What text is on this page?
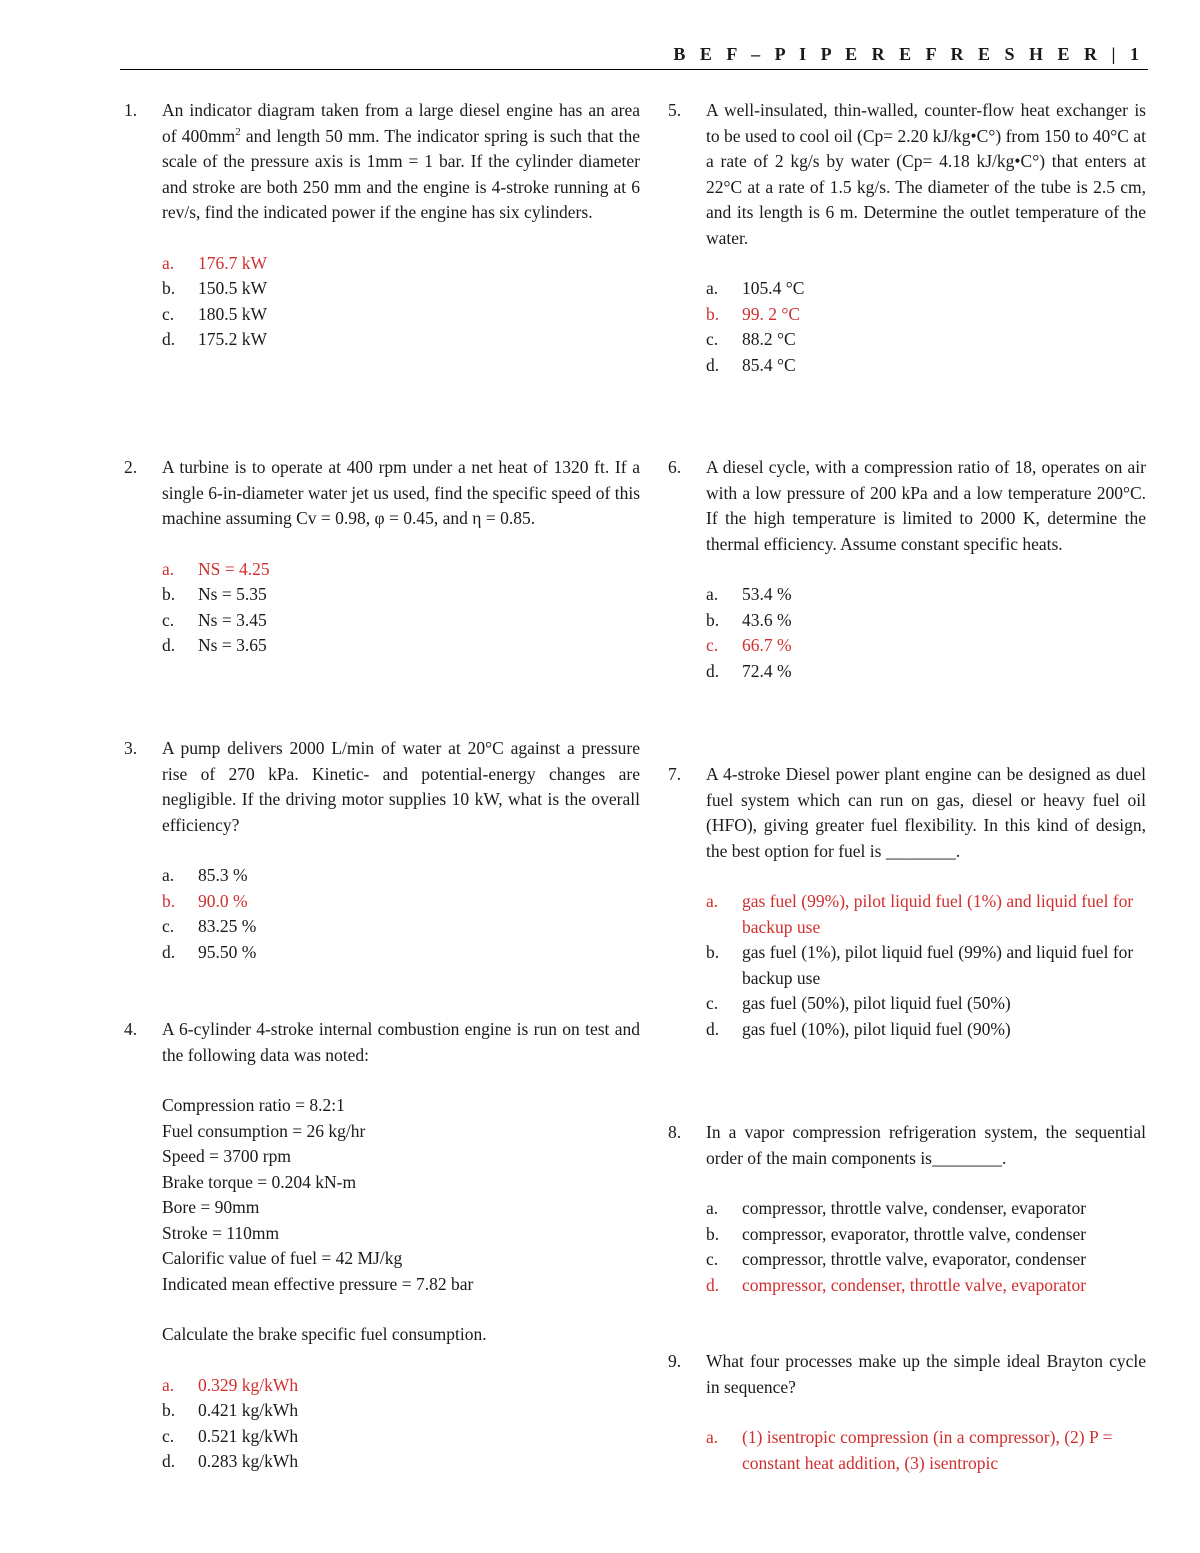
B E F – P I P E R E F R E S H E R | 1
1.	An indicator diagram taken from a large diesel engine has an area of $400mm^2$ and length 50 mm. The indicator spring is such that the scale of the pressure axis is 1mm = 1 bar. If the cylinder diameter and stroke are both 250 mm and the engine is 4-stroke running at 6 rev/s, find the indicated power if the engine has six cylinders.
a. 176.7 kW
b. 150.5 kW
c. 180.5 kW
d. 175.2 kW
2.	A turbine is to operate at 400 rpm under a net heat of 1320 ft. If a single 6-in-diameter water jet us used, find the specific speed of this machine assuming Cv = 0.98, φ = 0.45, and η = 0.85.
a. NS = 4.25
b. Ns = 5.35
c. Ns = 3.45
d. Ns = 3.65
3.	A pump delivers 2000 L/min of water at 20°C against a pressure rise of 270 kPa. Kinetic- and potential-energy changes are negligible. If the driving motor supplies 10 kW, what is the overall efficiency?
a. 85.3 %
b. 90.0 %
c. 83.25 %
d. 95.50 %
4.	A 6-cylinder 4-stroke internal combustion engine is run on test and the following data was noted:
Compression ratio = 8.2:1
Fuel consumption = 26 kg/hr
Speed = 3700 rpm
Brake torque = 0.204 kN-m
Bore = 90mm
Stroke = 110mm
Calorific value of fuel = 42 MJ/kg
Indicated mean effective pressure = 7.82 bar
Calculate the brake specific fuel consumption.
a. 0.329 kg/kWh
b. 0.421 kg/kWh
c. 0.521 kg/kWh
d. 0.283 kg/kWh
5.	A well-insulated, thin-walled, counter-flow heat exchanger is to be used to cool oil (Cp= 2.20 kJ/kg•C°) from 150 to 40°C at a rate of 2 kg/s by water (Cp= 4.18 kJ/kg•C°) that enters at 22°C at a rate of 1.5 kg/s. The diameter of the tube is 2.5 cm, and its length is 6 m. Determine the outlet temperature of the water.
a. 105.4 °C
b. 99. 2 °C
c. 88.2 °C
d. 85.4 °C
6.	A diesel cycle, with a compression ratio of 18, operates on air with a low pressure of 200 kPa and a low temperature 200°C. If the high temperature is limited to 2000 K, determine the thermal efficiency. Assume constant specific heats.
a. 53.4 %
b. 43.6 %
c. 66.7 %
d. 72.4 %
7.	A 4-stroke Diesel power plant engine can be designed as duel fuel system which can run on gas, diesel or heavy fuel oil (HFO), giving greater fuel flexibility. In this kind of design, the best option for fuel is ________.
a. gas fuel (99%), pilot liquid fuel (1%) and liquid fuel for backup use
b. gas fuel (1%), pilot liquid fuel (99%) and liquid fuel for backup use
c. gas fuel (50%), pilot liquid fuel (50%)
d. gas fuel (10%), pilot liquid fuel (90%)
8.	In a vapor compression refrigeration system, the sequential order of the main components is________.
a. compressor, throttle valve, condenser, evaporator
b. compressor, evaporator, throttle valve, condenser
c. compressor, throttle valve, evaporator, condenser
d. compressor, condenser, throttle valve, evaporator
9.	What four processes make up the simple ideal Brayton cycle in sequence?
a. (1) isentropic compression (in a compressor), (2) P = constant heat addition, (3) isentropic
